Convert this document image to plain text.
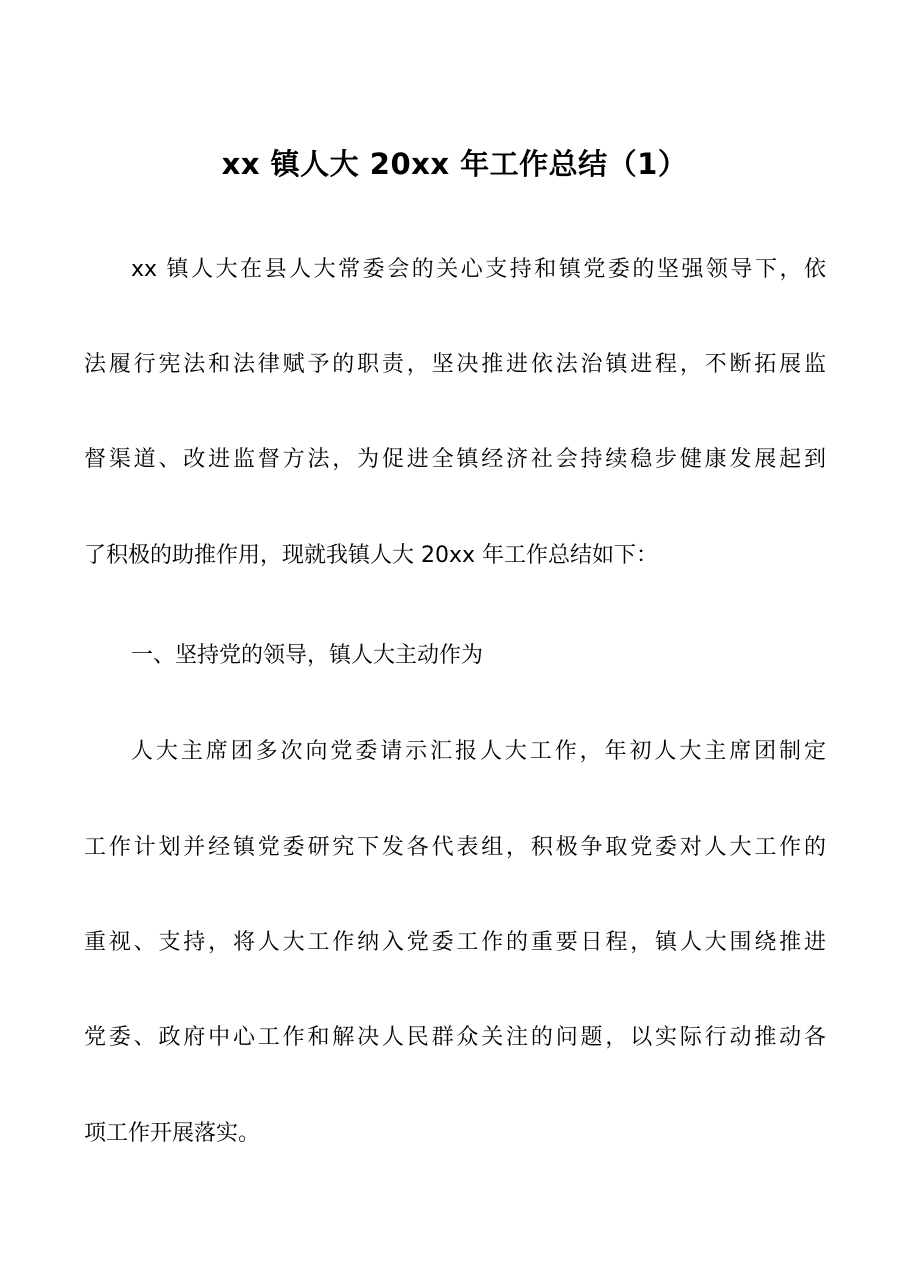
xx 镇人大 20xx 年工作总结（1）
xx 镇人大在县人大常委会的关心支持和镇党委的坚强领导下，依
法履行宪法和法律赋予的职责，坚决推进依法治镇进程，不断拓展监
督渠道、改进监督方法，为促进全镇经济社会持续稳步健康发展起到
了积极的助推作用，现就我镇人大 20xx 年工作总结如下：
一、坚持党的领导，镇人大主动作为
人大主席团多次向党委请示汇报人大工作，年初人大主席团制定
工作计划并经镇党委研究下发各代表组，积极争取党委对人大工作的
重视、支持，将人大工作纳入党委工作的重要日程，镇人大围绕推进
党委、政府中心工作和解决人民群众关注的问题，以实际行动推动各
项工作开展落实。
